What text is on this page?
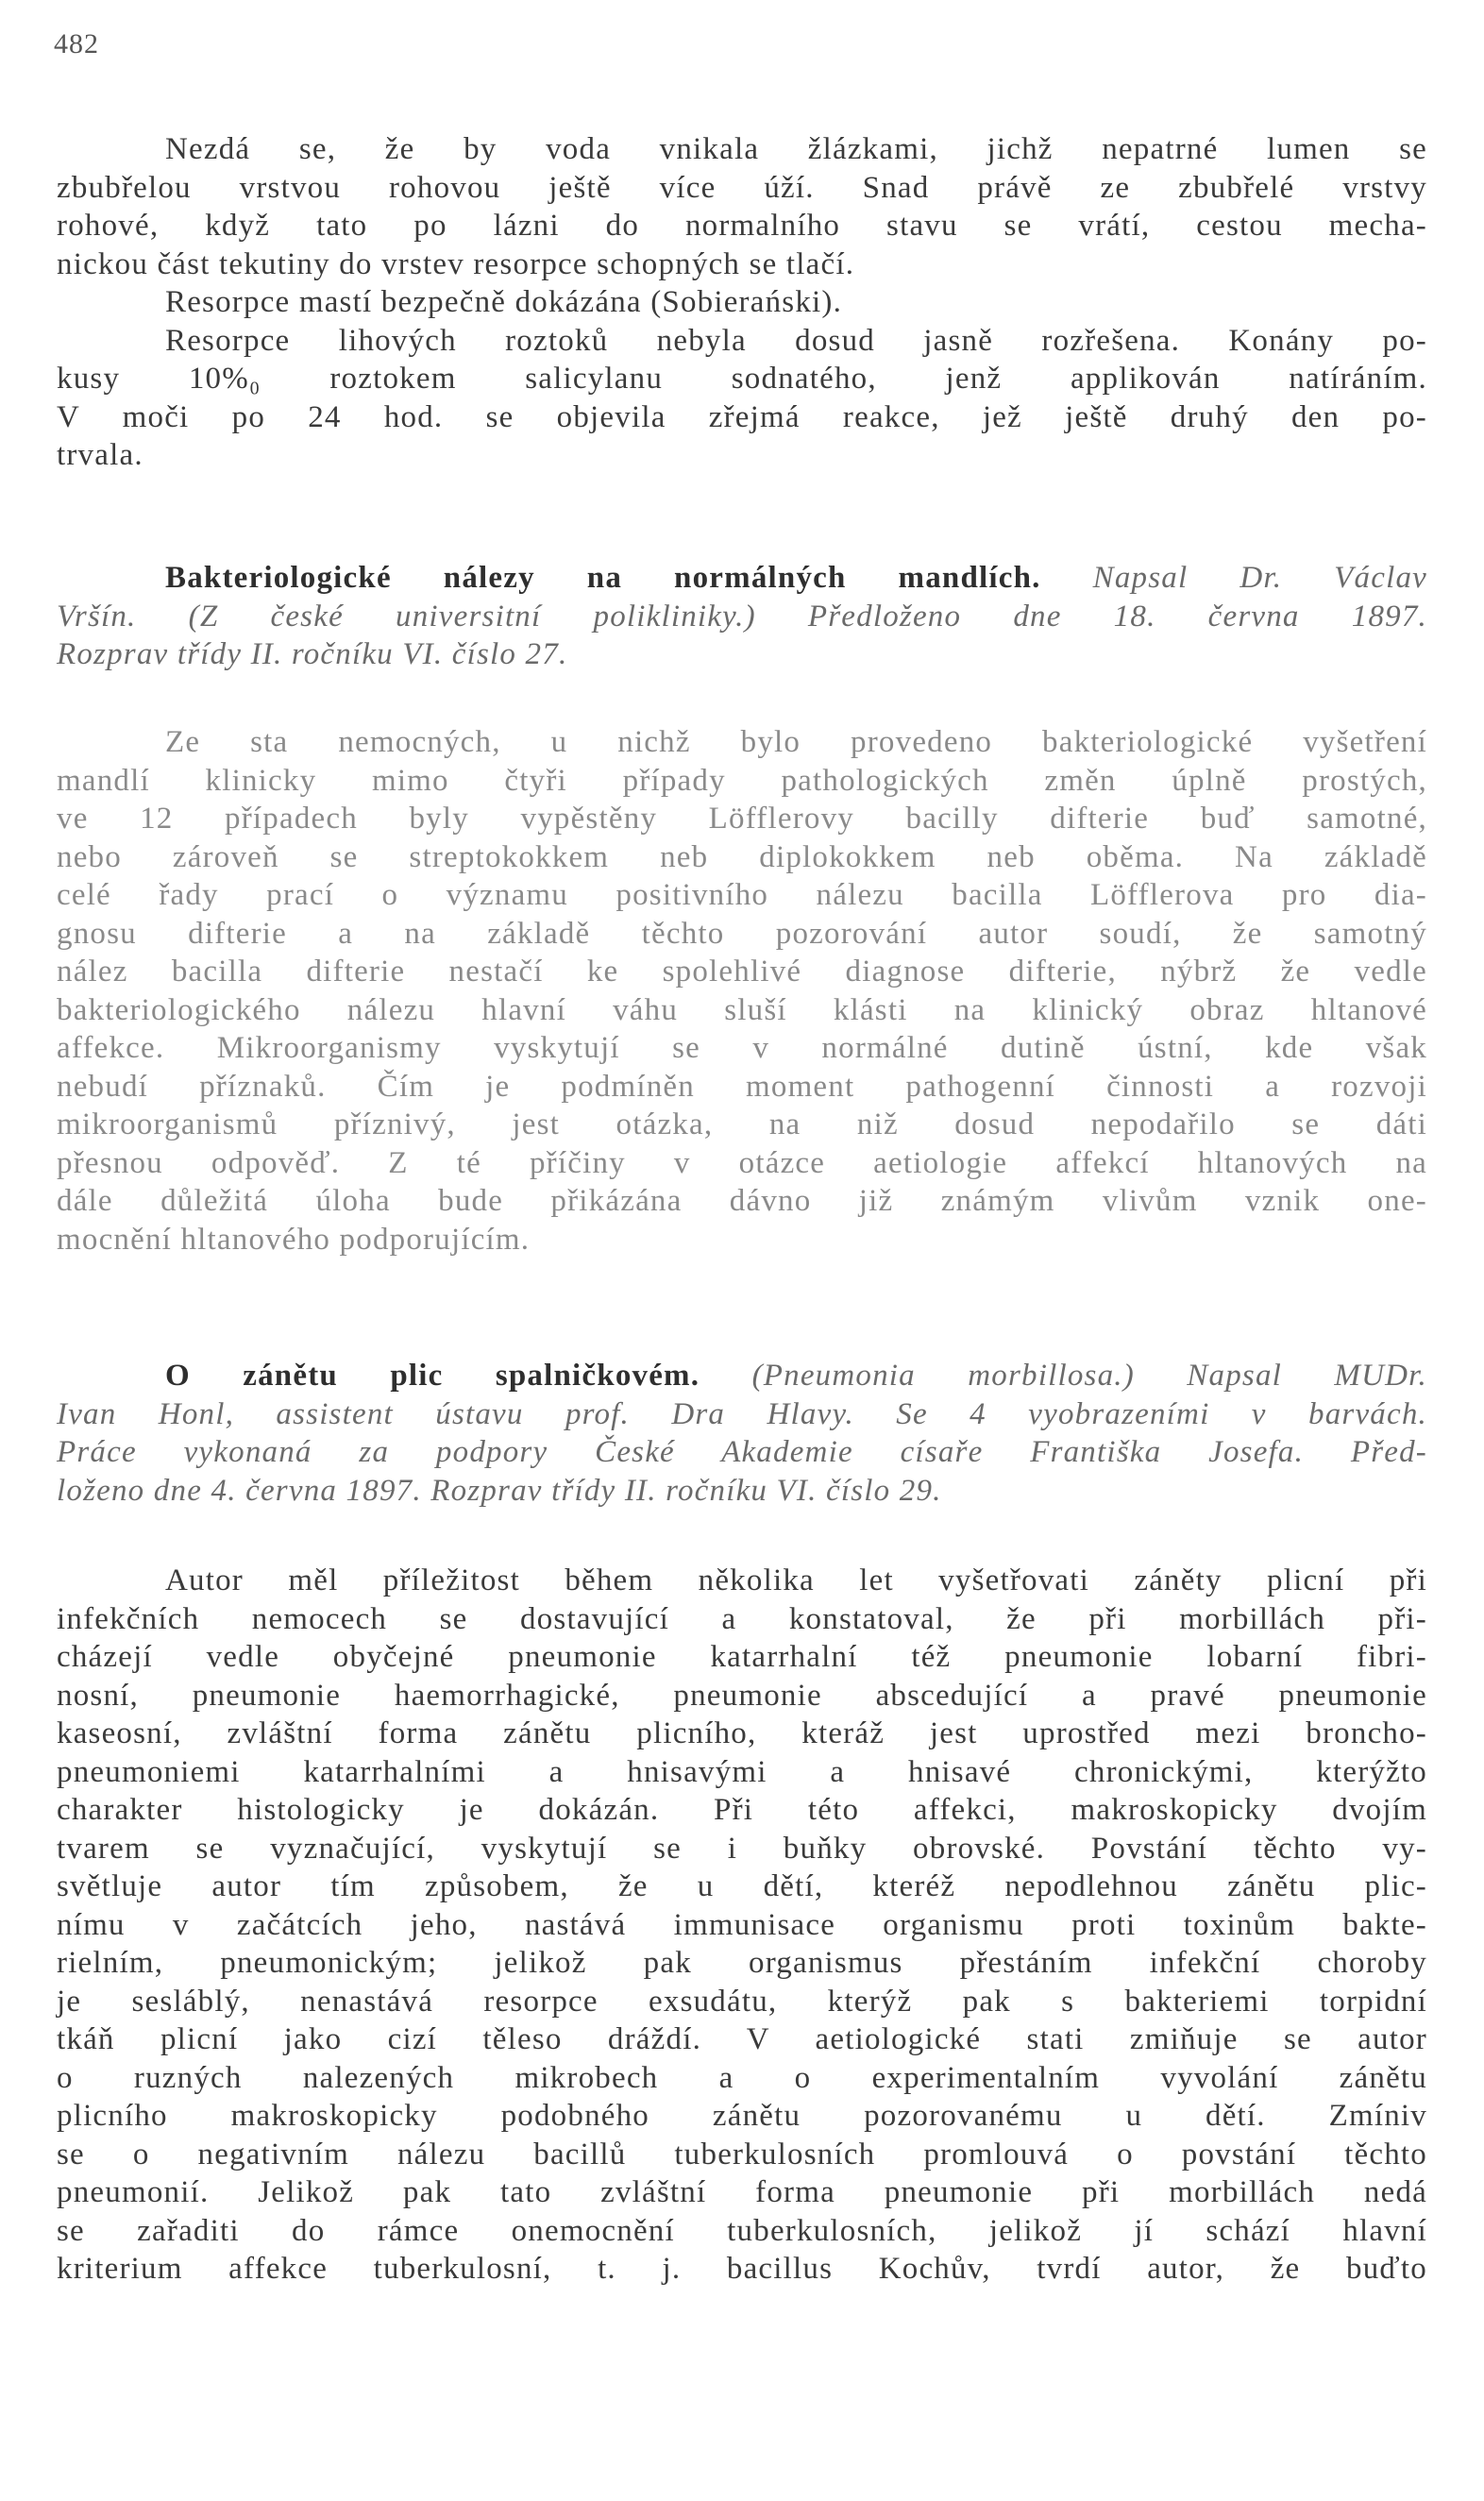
482
Nezdá se, že by voda vnikala žlázkami, jichž nepatrné lumen se
zbubřelou vrstvou rohovou ještě více úží. Snad právě ze zbubřelé vrstvy
rohové, když tato po lázni do normalního stavu se vrátí, cestou mecha-
nickou část tekutiny do vrstev resorpce schopných se tlačí.
Resorpce mastí bezpečně dokázána (Sobierański).
Resorpce lihových roztoků nebyla dosud jasně rozřešena. Konány po-
kusy 10%₀ roztokem salicylanu sodnatého, jenž applikován natíráním.
V moči po 24 hod. se objevila zřejmá reakce, jež ještě druhý den po-
trvala.
Bakteriologické nálezy na normálných mandlích. Napsal Dr. Václav
Vršín. (Z české universitní polikliniky.) Předloženo dne 18. června 1897.
Rozprav třídy II. ročníku VI. číslo 27.
Ze sta nemocných, u nichž bylo provedeno bakteriologické vyšetření
mandlí klinicky mimo čtyři případy pathologických změn úplně prostých,
ve 12 případech byly vypěstěny Löfflerovy bacilly difterie buď samotné,
nebo zároveň se streptokokkem neb diplokokkem neb oběma. Na základě
celé řady prací o významu positivního nálezu bacilla Löfflerova pro dia-
gnosu difterie a na základě těchto pozorování autor soudí, že samotný
nález bacilla difterie nestačí ke spolehlivé diagnose difterie, nýbrž že vedle
bakteriologického nálezu hlavní váhu sluší klásti na klinický obraz hltanové
affekce. Mikroorganismy vyskytují se v normálné dutině ústní, kde však
nebudí příznaků. Čím je podmíněn moment pathogenní činnosti a rozvoji
mikroorganismů příznivý, jest otázka, na niž dosud nepodařilo se dáti
přesnou odpověď. Z té příčiny v otázce aetiologie affekcí hltanových na
dále důležitá úloha bude přikázána dávno již známým vlivům vznik one-
mocnění hltanového podporujícím.
O zánětu plic spalničkovém. (Pneumonia morbillosa.) Napsal MUDr.
Ivan Honl, assistent ústavu prof. Dra Hlavy. Se 4 vyobrazeními v barvách.
Práce vykonaná za podpory České Akademie císaře Františka Josefa. Před-
loženo dne 4. června 1897. Rozprav třídy II. ročníku VI. číslo 29.
Autor měl příležitost během několika let vyšetřovati záněty plicní při
infekčních nemocech se dostavující a konstatoval, že při morbillách při-
cházejí vedle obyčejné pneumonie katarrhalní též pneumonie lobarní fibri-
nosní, pneumonie haemorrhagické, pneumonie abscedující a pravé pneumonie
kaseosní, zvláštní forma zánětu plicního, kteráž jest uprostřed mezi broncho-
pneumoniemi katarrhalními a hnisavými a hnisavé chronickými, kterýžto
charakter histologicky je dokázán. Při této affekci, makroskopicky dvojím
tvarem se vyznačující, vyskytují se i buňky obrovské. Povstání těchto vy-
světluje autor tím způsobem, že u dětí, kteréž nepodlehnou zánětu plic-
nímu v začátcích jeho, nastává immunisace organismu proti toxinům bakte-
rielním, pneumonickým; jelikož pak organismus přestáním infekční choroby
je sesláblý, nenastává resorpce exsudátu, kterýž pak s bakteriemi torpidní
tkáň plicní jako cizí těleso dráždí. V aetiologické stati zmiňuje se autor
o ruzných nalezených mikrobech a o experimentalním vyvolání zánětu
plicního makroskopicky podobného zánětu pozorovanému u dětí. Zmíniv
se o negativním nálezu bacillů tuberkulosních promlouvá o povstání těchto
pneumonií. Jelikož pak tato zvláštní forma pneumonie při morbillách nedá
se zařaditi do rámce onemocnění tuberkulosních, jelikož jí schází hlavní
kriterium affekce tuberkulosní, t. j. bacillus Kochův, tvrdí autor, že buďto
